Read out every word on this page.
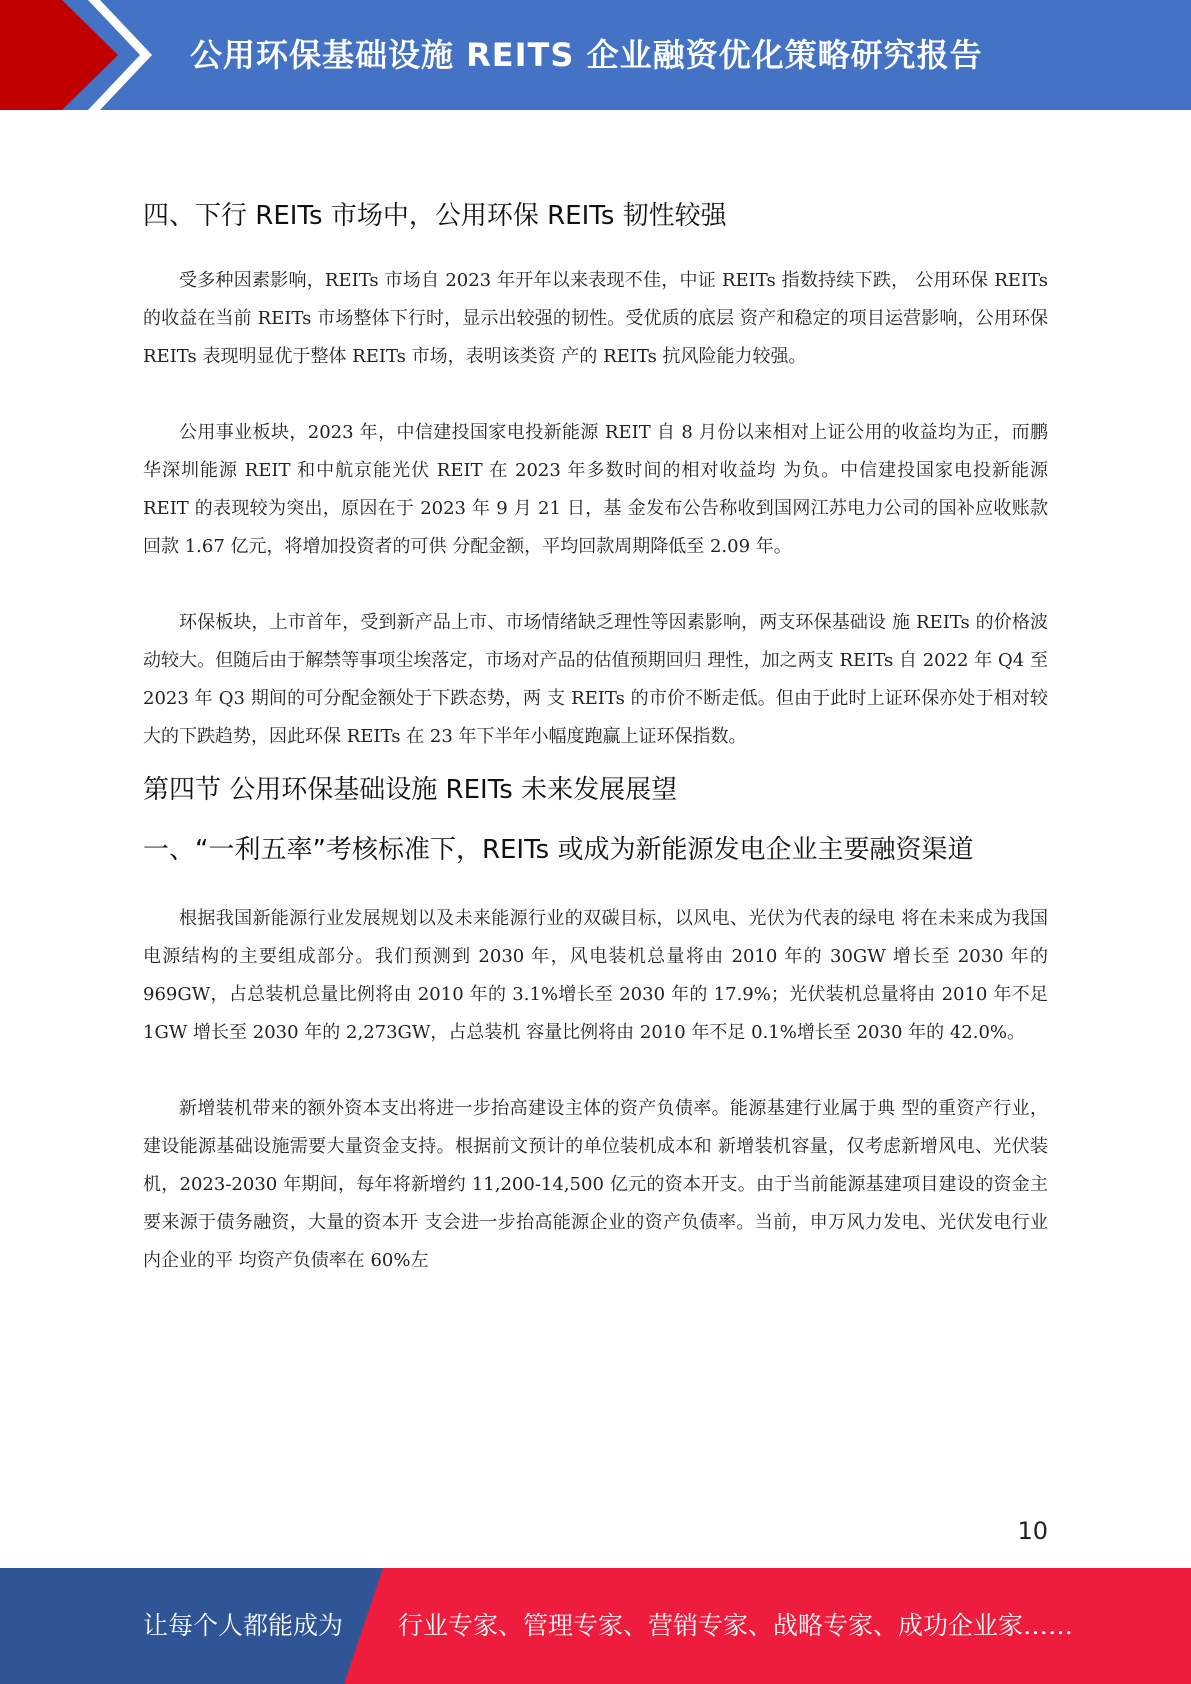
公用环保基础设施 REITS 企业融资优化策略研究报告
四、下行 REITs 市场中，公用环保 REITs 韧性较强

受多种因素影响，REITs 市场自 2023 年开年以来表现不佳，中证 REITs 指数持续下跌， 公用环保 REITs 的收益在当前 REITs 市场整体下行时，显示出较强的韧性。受优质的底层 资产和稳定的项目运营影响，公用环保 REITs 表现明显优于整体 REITs 市场，表明该类资 产的 REITs 抗风险能力较强。

公用事业板块，2023 年，中信建投国家电投新能源 REIT 自 8 月份以来相对上证公用的收益均为正，而鹏华深圳能源 REIT 和中航京能光伏 REIT 在 2023 年多数时间的相对收益均 为负。中信建投国家电投新能源 REIT 的表现较为突出，原因在于 2023 年 9 月 21 日，基 金发布公告称收到国网江苏电力公司的国补应收账款回款 1.67 亿元，将增加投资者的可供 分配金额，平均回款周期降低至 2.09 年。

环保板块，上市首年，受到新产品上市、市场情绪缺乏理性等因素影响，两支环保基础设 施 REITs 的价格波动较大。但随后由于解禁等事项尘埃落定，市场对产品的估值预期回归 理性，加之两支 REITs 自 2022 年 Q4 至 2023 年 Q3 期间的可分配金额处于下跌态势，两 支 REITs 的市价不断走低。但由于此时上证环保亦处于相对较大的下跌趋势，因此环保 REITs 在 23 年下半年小幅度跑赢上证环保指数。

第四节 公用环保基础设施 REITs 未来发展展望
一、“一利五率”考核标准下，REITs 或成为新能源发电企业主要融资渠道

根据我国新能源行业发展规划以及未来能源行业的双碳目标，以风电、光伏为代表的绿电 将在未来成为我国电源结构的主要组成部分。我们预测到 2030 年，风电装机总量将由 2010 年的 30GW 增长至 2030 年的 969GW，占总装机总量比例将由 2010 年的 3.1%增长至 2030 年的 17.9%；光伏装机总量将由 2010 年不足 1GW 增长至 2030 年的 2,273GW，占总装机 容量比例将由 2010 年不足 0.1%增长至 2030 年的 42.0%。

新增装机带来的额外资本支出将进一步抬高建设主体的资产负债率。能源基建行业属于典 型的重资产行业，建设能源基础设施需要大量资金支持。根据前文预计的单位装机成本和 新增装机容量，仅考虑新增风电、光伏装机，2023-2030 年期间，每年将新增约 11,200-14,500 亿元的资本开支。由于当前能源基建项目建设的资金主要来源于债务融资，大量的资本开 支会进一步抬高能源企业的资产负债率。当前，申万风力发电、光伏发电行业内企业的平 均资产负债率在 60%左

10
让每个人都能成为 行业专家、管理专家、营销专家、战略专家、成功企业家……
